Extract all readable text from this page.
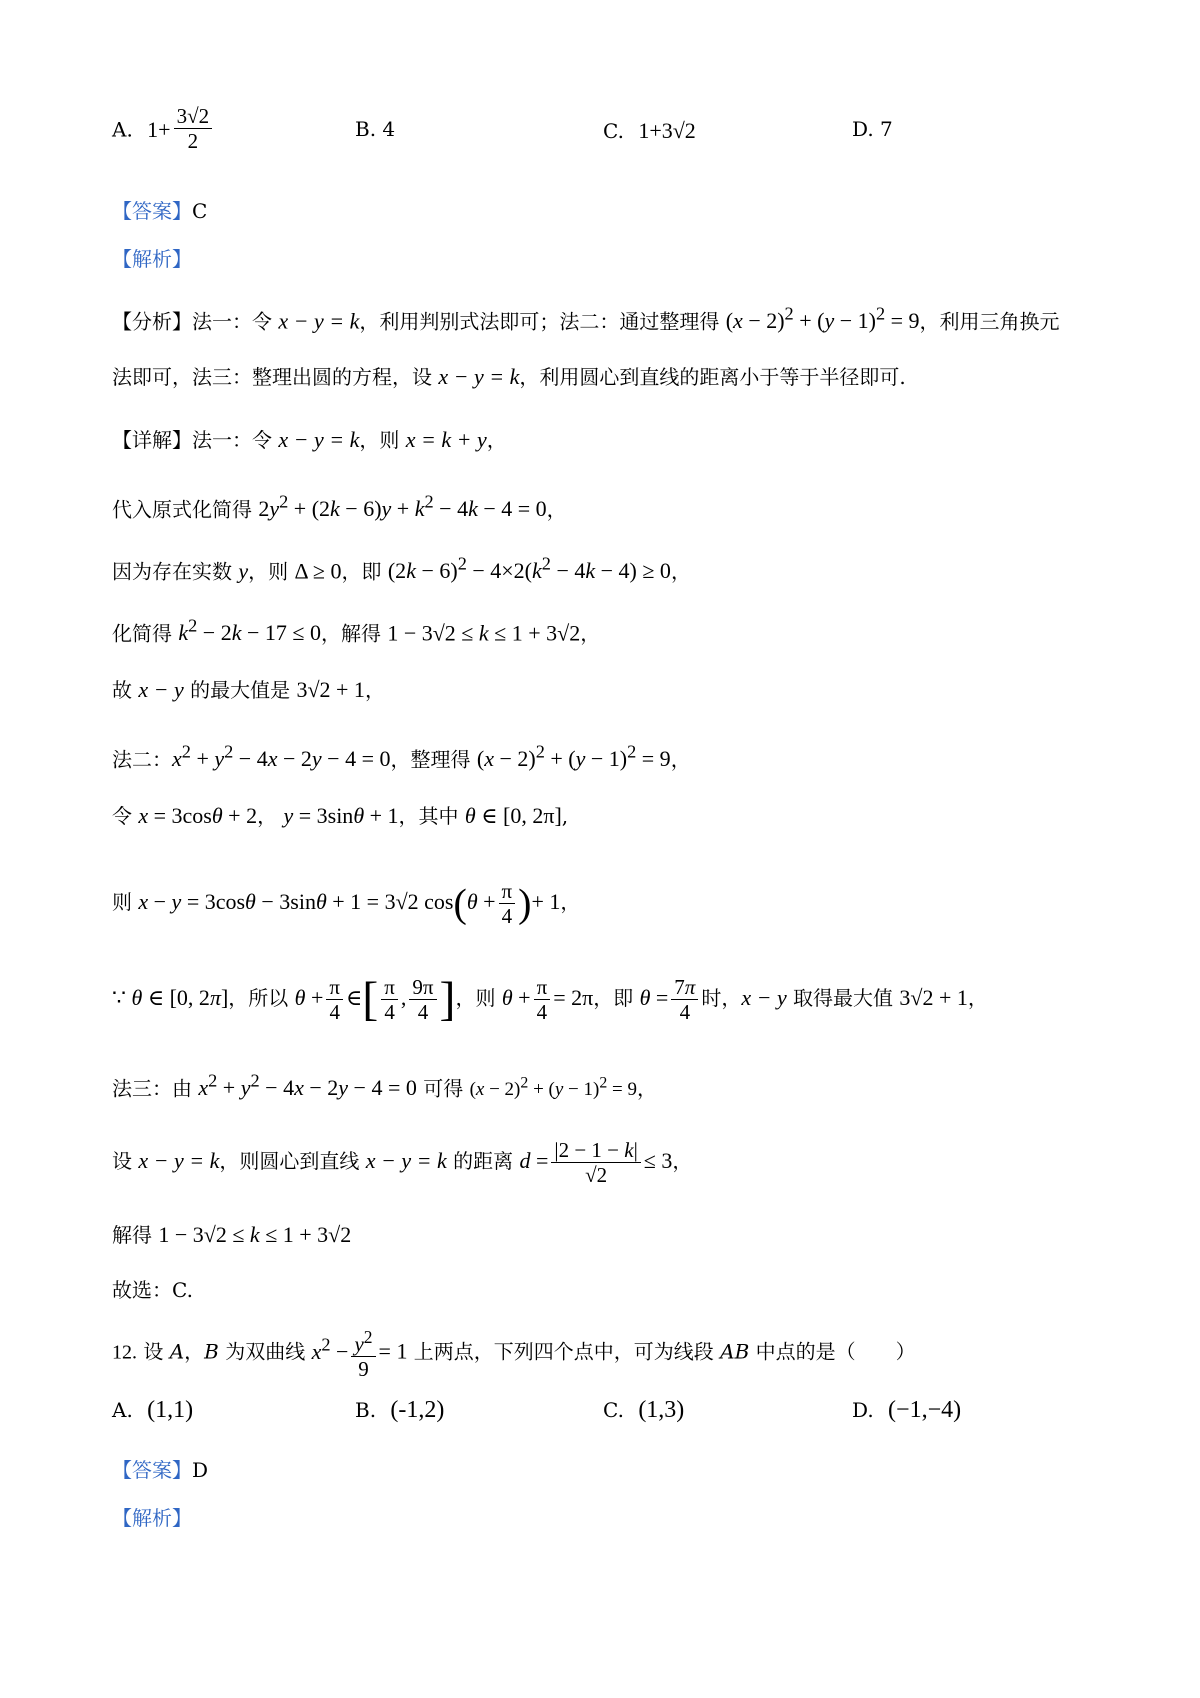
A. $1+ \frac{3√2}{2}$	B. 4	C. 1+3√2	D. 7
【答案】C
【解析】
【分析】法一：令 x − y = k，利用判别式法即可；法二：通过整理得 $(x - 2)^2 + (y - 1)^2 = 9$，利用三角换元
法即可，法三：整理出圆的方程，设 x − y = k，利用圆心到直线的距离小于等于半径即可.
【详解】法一：令 x − y = k，则 x = k + y，
代入原式化简得 $2y^2 + (2k - 6)y + k^2 - 4k - 4 = 0$，
因为存在实数 y，则 Δ ≥ 0，即 $(2k - 6)^2 - 4\times 2(k^2 - 4k - 4) \ge 0$，
化简得 $k^2 - 2k - 17 \le 0$，解得 1 − 3√2 ≤ k ≤ 1 + 3√2，
故 x − y 的最大值是 3√2 + 1，
法二：$x^2 + y^2 - 4x - 2y - 4 = 0$，整理得 $(x - 2)^2 + (y - 1)^2 = 9$，
令 x = 3cosθ + 2， y = 3sinθ + 1，其中 θ ∈ [0, 2π],
则 x − y = 3cosθ − 3sinθ + 1 = 3√2 $\cos(\theta + \frac{\pi}{4}$ )+ 1，
∵ θ ∈ [0, 2π]，所以 $\theta + \frac{\pi}{4}$ ∈[ $\frac{\pi}{4}$ , $\frac{9\pi}{4}$ ]，则 $\theta + \frac{\pi}{4} = 2\pi$，即 $\theta = \frac{7\pi}{4}$ 时，x − y 取得最大值 3√2 + 1，
法三：由 $x^2 + y^2 - 4x - 2y - 4 = 0$ 可得 $(x - 2)^2 + (y - 1)^2 = 9$，
设 x − y = k，则圆心到直线 x − y = k 的距离 $d = \frac{|2 - 1 - k|}{√2} \le 3$，
解得 1 − 3√2 ≤ k ≤ 1 + 3√2
故选：C.
12. 设 A，B 为双曲线 $x^2 - \frac{y^2}{9} = 1$ 上两点，下列四个点中，可为线段 AB 中点的是（　　）
A. (1,1)	B. (-1,2)	C. (1,3)	D. (−1,−4)
【答案】D
【解析】
